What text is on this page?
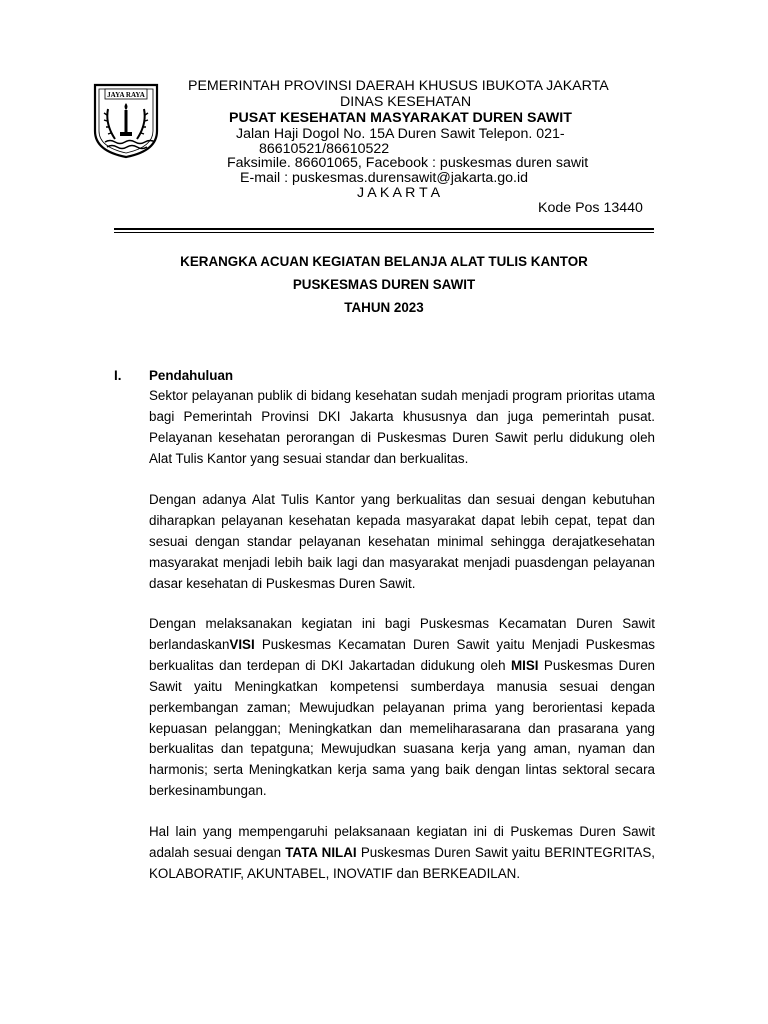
JAYA RAYA
PEMERINTAH PROVINSI DAERAH KHUSUS IBUKOTA JAKARTA
DINAS KESEHATAN
PUSAT KESEHATAN MASYARAKAT DUREN SAWIT
Jalan Haji Dogol No. 15A Duren Sawit Telepon. 021-
86610521/86610522
Faksimile. 86601065, Facebook : puskesmas duren sawit
E-mail : puskesmas.durensawit@jakarta.go.id
J A K A R T A
Kode Pos 13440
KERANGKA ACUAN KEGIATAN BELANJA ALAT TULIS KANTOR
PUSKESMAS DUREN SAWIT
TAHUN 2023
I. Pendahuluan
Sektor pelayanan publik di bidang kesehatan sudah menjadi program prioritas utama bagi Pemerintah Provinsi DKI Jakarta khususnya dan juga pemerintah pusat. Pelayanan kesehatan perorangan di Puskesmas Duren Sawit perlu didukung oleh Alat Tulis Kantor yang sesuai standar dan berkualitas.
Dengan adanya Alat Tulis Kantor yang berkualitas dan sesuai dengan kebutuhan diharapkan pelayanan kesehatan kepada masyarakat dapat lebih cepat, tepat dan sesuai dengan standar pelayanan kesehatan minimal sehingga derajatkesehatan masyarakat menjadi lebih baik lagi dan masyarakat menjadi puasdengan pelayanan dasar kesehatan di Puskesmas Duren Sawit.
Dengan melaksanakan kegiatan ini bagi Puskesmas Kecamatan Duren Sawit berlandaskanVISI Puskesmas Kecamatan Duren Sawit yaitu Menjadi Puskesmas berkualitas dan terdepan di DKI Jakartadan didukung oleh MISI Puskesmas Duren Sawit yaitu Meningkatkan kompetensi sumberdaya manusia sesuai dengan perkembangan zaman; Mewujudkan pelayanan prima yang berorientasi kepada kepuasan pelanggan; Meningkatkan dan memeliharasarana dan prasarana yang berkualitas dan tepatguna; Mewujudkan suasana kerja yang aman, nyaman dan harmonis; serta Meningkatkan kerja sama yang baik dengan lintas sektoral secara berkesinambungan.
Hal lain yang mempengaruhi pelaksanaan kegiatan ini di Puskemas Duren Sawit adalah sesuai dengan TATA NILAI Puskesmas Duren Sawit yaitu BERINTEGRITAS, KOLABORATIF, AKUNTABEL, INOVATIF dan BERKEADILAN.
